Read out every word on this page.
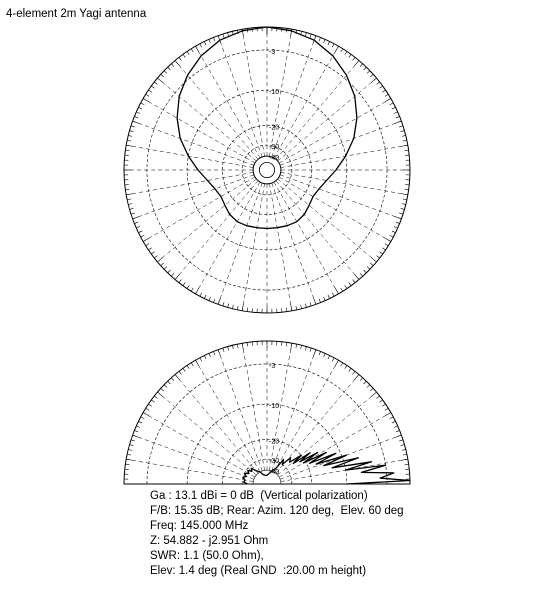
4-element 2m Yagi antenna
-3
-10
-20
-30
-40
-3
-10
-20
-30
-40
Ga : 13.1 dBi = 0 dB  (Vertical polarization)
F/B: 15.35 dB; Rear: Azim. 120 deg,  Elev. 60 deg
Freq: 145.000 MHz
Z: 54.882 - j2.951 Ohm
SWR: 1.1 (50.0 Ohm),
Elev: 1.4 deg (Real GND  :20.00 m height)
